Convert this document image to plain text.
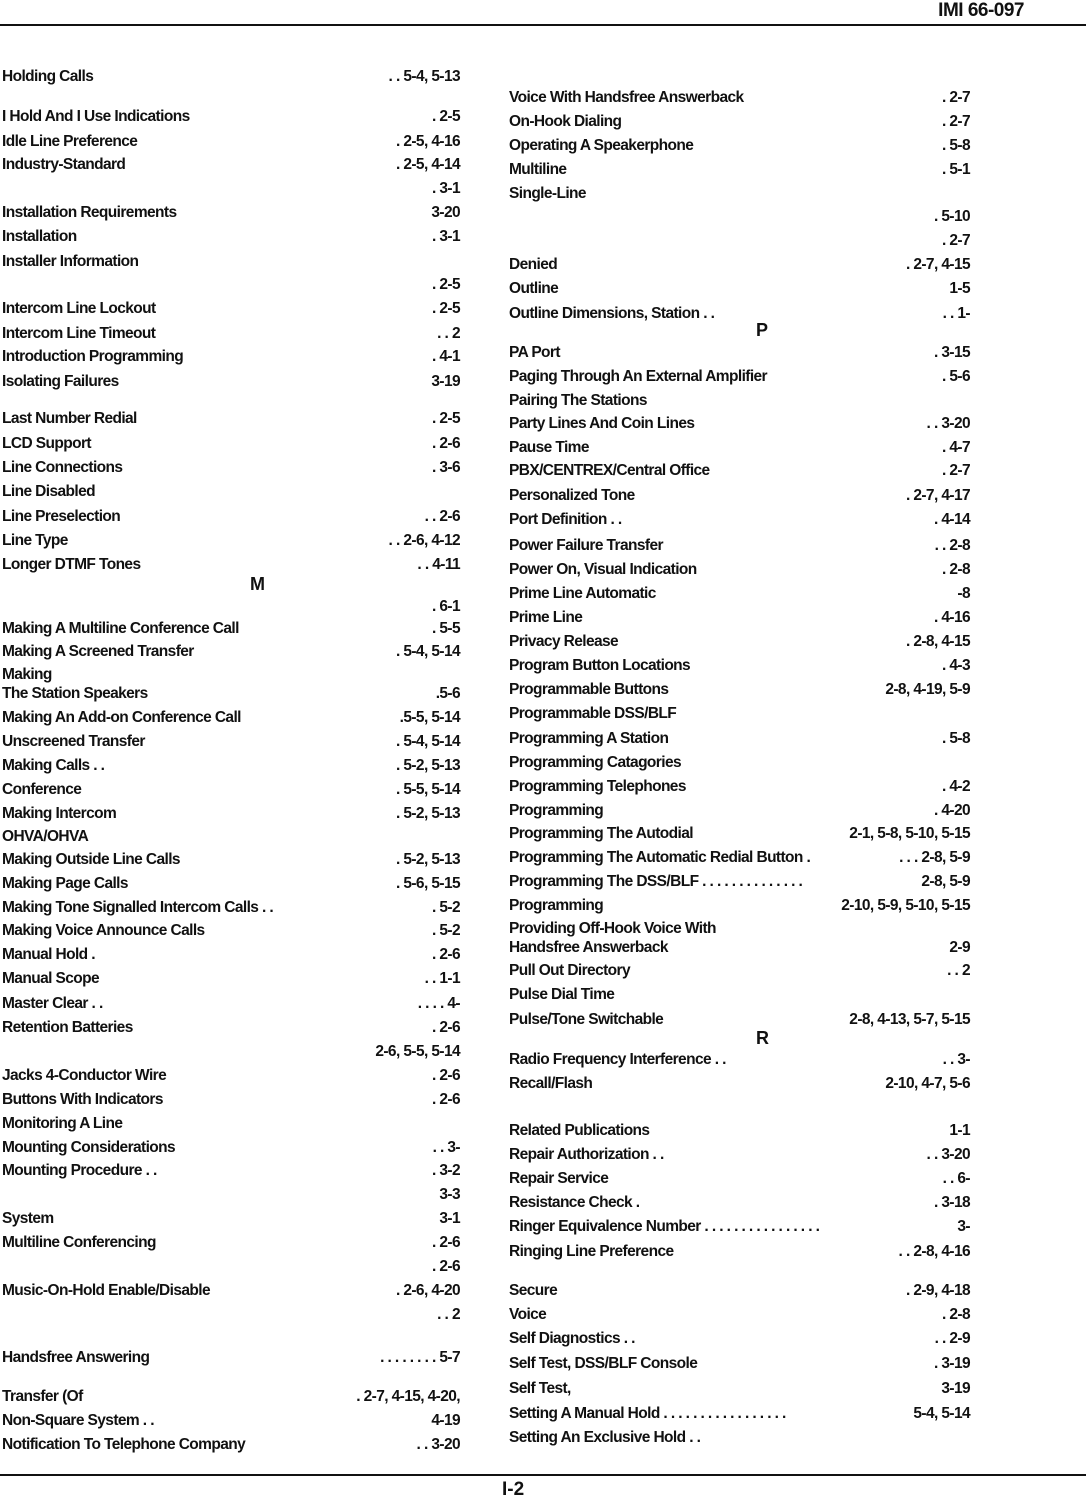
IMI 66-097
Holding Calls	. . 5-4, 5-13
I Hold And I Use Indications	. 2-5
Idle Line Preference	. 2-5, 4-16
Industry-Standard	. 2-5, 4-14
. 3-1
Installation Requirements	3-20
Installation	. 3-1
Installer Information
. 2-5
Intercom Line Lockout	. 2-5
Intercom Line Timeout	. . 2
Introduction Programming	. 4-1
Isolating Failures	3-19
Last Number Redial	. 2-5
LCD Support	. 2-6
Line Connections	. 3-6
Line Disabled
Line Preselection	. . 2-6
Line Type	. . 2-6, 4-12
Longer DTMF Tones	. . 4-11
. 6-1
Making A Multiline Conference Call	. 5-5
Making A Screened Transfer	. 5-4, 5-14
Making
The Station Speakers	.5-6
Making An Add-on Conference Call	.5-5, 5-14
Unscreened Transfer	. 5-4, 5-14
Making Calls . .	. 5-2, 5-13
Conference	. 5-5, 5-14
Making Intercom	. 5-2, 5-13
OHVA/OHVA
Making Outside Line Calls	. 5-2, 5-13
Making Page Calls	. 5-6, 5-15
Making Tone Signalled Intercom Calls . .	. 5-2
Making Voice Announce Calls	. 5-2
Manual Hold .	. 2-6
Manual Scope	. . 1-1
Master Clear . .	. . . . 4-
Retention Batteries	. 2-6
2-6, 5-5, 5-14
Jacks 4-Conductor Wire	. 2-6
Buttons With Indicators	. 2-6
Monitoring A Line
Mounting Considerations	. . 3-
Mounting Procedure . .	. 3-2
3-3
System	3-1
Multiline Conferencing	. 2-6
. 2-6
Music-On-Hold Enable/Disable	. 2-6, 4-20
. . 2
Handsfree Answering	. . . . . . . . 5-7
Transfer (Of	. 2-7, 4-15, 4-20,
Non-Square System . .	4-19
Notification To Telephone Company	. . 3-20
Voice With Handsfree Answerback	. 2-7
On-Hook Dialing	. 2-7
Operating A Speakerphone	. 5-8
Multiline	. 5-1
Single-Line
. 5-10
. 2-7
Denied	. 2-7, 4-15
Outline	1-5
Outline Dimensions, Station . .	. . 1-
PA Port	. 3-15
Paging Through An External Amplifier	. 5-6
Pairing The Stations
Party Lines And Coin Lines	. . 3-20
Pause Time	. 4-7
PBX/CENTREX/Central Office	. 2-7
Personalized Tone	. 2-7, 4-17
Port Definition . .	. 4-14
Power Failure Transfer	. . 2-8
Power On, Visual Indication	. 2-8
Prime Line Automatic	-8
Prime Line	. 4-16
Privacy Release	. 2-8, 4-15
Program Button Locations	. 4-3
Programmable Buttons	2-8, 4-19, 5-9
Programmable DSS/BLF
Programming A Station	. 5-8
Programming Catagories
Programming Telephones	. 4-2
Programming	. 4-20
Programming The Autodial	2-1, 5-8, 5-10, 5-15
Programming The Automatic Redial Button .	. . . 2-8, 5-9
Programming The DSS/BLF . . . . . . . . . . . . . .	2-8, 5-9
Programming	2-10, 5-9, 5-10, 5-15
Providing Off-Hook Voice With
Handsfree Answerback	2-9
Pull Out Directory	. . 2
Pulse Dial Time
Pulse/Tone Switchable	2-8, 4-13, 5-7, 5-15
Radio Frequency Interference . .	. . 3-
Recall/Flash	2-10, 4-7, 5-6
Related Publications	1-1
Repair Authorization . .	. . 3-20
Repair Service	. . 6-
Resistance Check .	. 3-18
Ringer Equivalence Number . . . . . . . . . . . . . . . .	3-
Ringing Line Preference	. . 2-8, 4-16
Secure	. 2-9, 4-18
Voice	. 2-8
Self Diagnostics . .	. . 2-9
Self Test, DSS/BLF Console	. 3-19
Self Test,	3-19
Setting A Manual Hold . . . . . . . . . . . . . . . . .	5-4, 5-14
Setting An Exclusive Hold . .
M
P
R
I-2
